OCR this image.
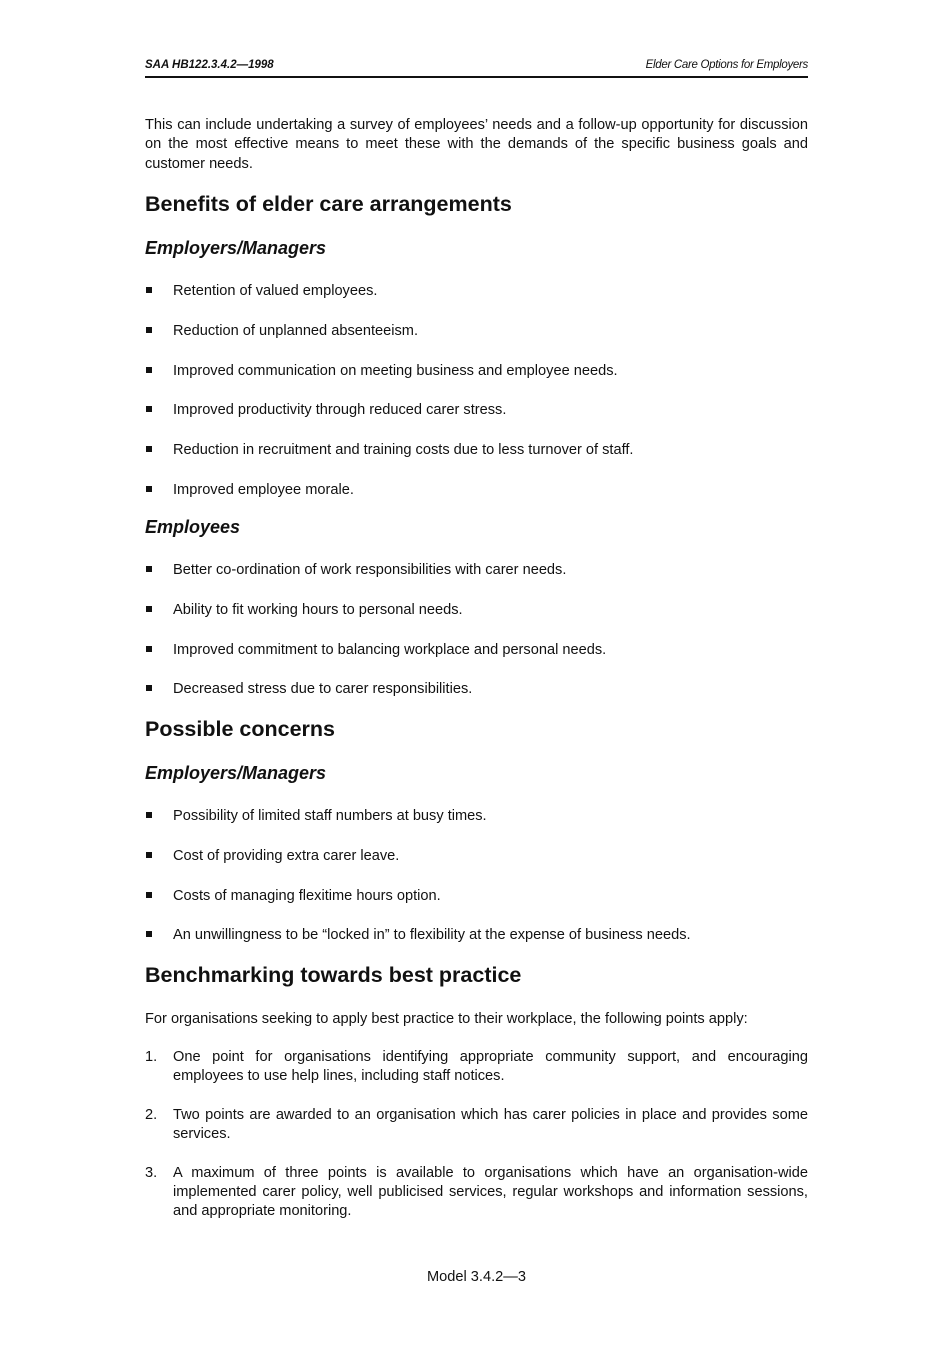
SAA HB122.3.4.2—1998	Elder Care Options for Employers

This can include undertaking a survey of employees’ needs and a follow-up opportunity for discussion on the most effective means to meet these with the demands of the specific business goals and customer needs.

Benefits of elder care arrangements
Employers/Managers
Retention of valued employees.
Reduction of unplanned absenteeism.
Improved communication on meeting business and employee needs.
Improved productivity through reduced carer stress.
Reduction in recruitment and training costs due to less turnover of staff.
Improved employee morale.
Employees
Better co-ordination of work responsibilities with carer needs.
Ability to fit working hours to personal needs.
Improved commitment to balancing workplace and personal needs.
Decreased stress due to carer responsibilities.
Possible concerns
Employers/Managers
Possibility of limited staff numbers at busy times.
Cost of providing extra carer leave.
Costs of managing flexitime hours option.
An unwillingness to be “locked in” to flexibility at the expense of business needs.
Benchmarking towards best practice

For organisations seeking to apply best practice to their workplace, the following points apply:

1. One point for organisations identifying appropriate community support, and encouraging employees to use help lines, including staff notices.
2. Two points are awarded to an organisation which has carer policies in place and provides some services.
3. A maximum of three points is available to organisations which have an organisation-wide implemented carer policy, well publicised services, regular workshops and information sessions, and appropriate monitoring.
Model 3.4.2—3
